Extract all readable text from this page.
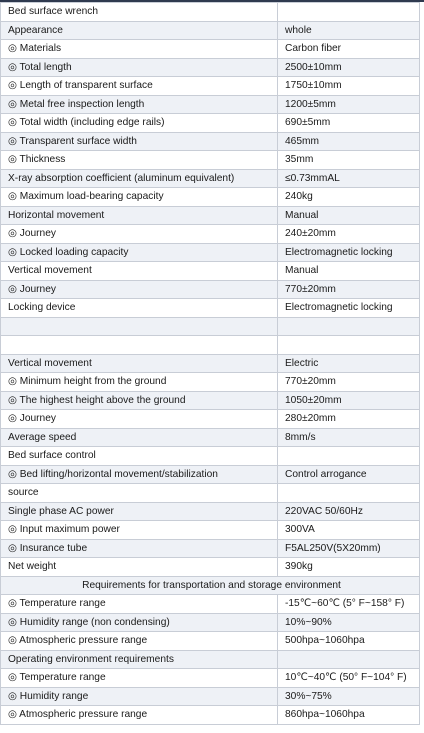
Bed surface wrench	
Appearance	whole
◎ Materials	Carbon fiber
◎ Total length	2500±10mm
◎ Length of transparent surface	1750±10mm
◎ Metal free inspection length	1200±5mm
◎ Total width (including edge rails)	690±5mm
◎ Transparent surface width	465mm
◎ Thickness	35mm
X-ray absorption coefficient (aluminum equivalent)	≤0.73mmAL
◎ Maximum load-bearing capacity	240kg
Horizontal movement	Manual
◎ Journey	240±20mm
◎ Locked loading capacity	Electromagnetic locking
Vertical movement	Manual
◎ Journey	770±20mm
Locking device	Electromagnetic locking

Vertical movement	Electric
◎ Minimum height from the ground	770±20mm
◎ The highest height above the ground	1050±20mm
◎ Journey	280±20mm
Average speed	8mm/s
Bed surface control	
◎ Bed lifting/horizontal movement/stabilization	Control arrogance
source	
Single phase AC power	220VAC 50/60Hz
◎ Input maximum power	300VA
◎ Insurance tube	F5AL250V(5X20mm)
Net weight	390kg
Requirements for transportation and storage environment	
◎ Temperature range	-15℃~60℃ (5° F~158° F)
◎ Humidity range (non condensing)	10%~90%
◎ Atmospheric pressure range	500hpa~1060hpa
Operating environment requirements	
◎ Temperature range	10℃~40℃ (50° F~104° F)
◎ Humidity range	30%~75%
◎ Atmospheric pressure range	860hpa~1060hpa
